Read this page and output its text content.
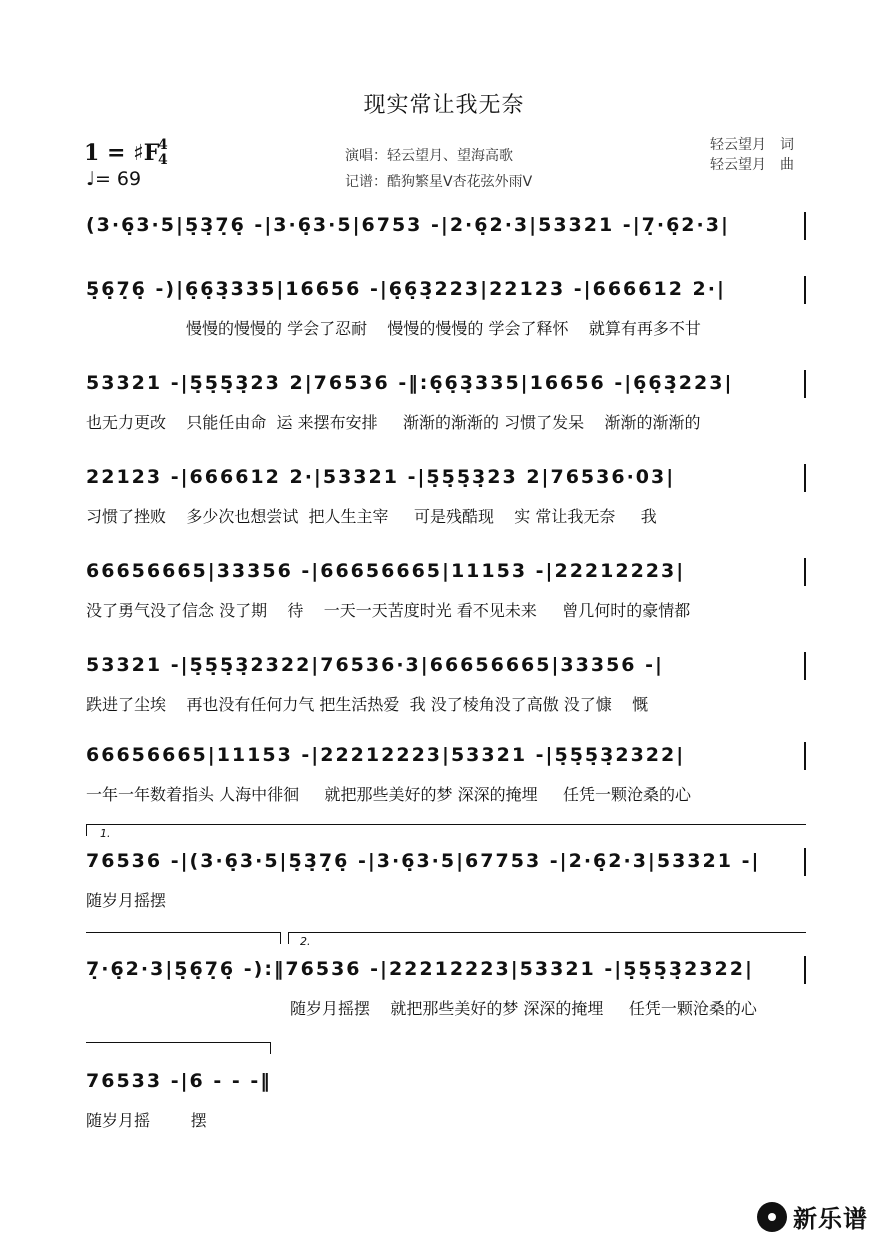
现实常让我无奈
1 = ♯F
4
4
♩= 69
演唱：轻云望月、望海高歌
记谱：酷狗繁星V杏花弦外雨V
轻云望月　词
轻云望月　曲
(3·6̣3·5|5̣3̣7̣6̣ -|3·6̣3·5|6753 -|2·6̣2·3|53321 -|7̣·6̣2·3|
5̣6̣7̣6̣ -)|6̣6̣3̣335|16656 -|6̣6̣3̣223|22123 -|666612 2·|
慢慢的慢慢的 学会了忍耐    慢慢的慢慢的 学会了释怀    就算有再多不甘
53321 -|5̣5̣5̣3̣23 2|76536 -‖:6̣6̣3̣335|16656 -|6̣6̣3̣223|
也无力更改    只能任由命  运 来摆布安排     渐渐的渐渐的 习惯了发呆    渐渐的渐渐的
22123 -|666612 2·|53321 -|5̣5̣5̣3̣23 2|76536·03|
习惯了挫败    多少次也想尝试  把人生主宰     可是残酷现    实 常让我无奈     我
66656665|33356 -|66656665|11153 -|22212223|
没了勇气没了信念 没了期    待    一天一天苦度时光 看不见未来     曾几何时的豪情都
53321 -|5̣5̣5̣3̣2322|76536·3|66656665|33356 -|
跌进了尘埃    再也没有任何力气 把生活热爱  我 没了棱角没了高傲 没了慷    慨
66656665|11153 -|22212223|53321 -|5̣5̣5̣3̣2322|
一年一年数着指头 人海中徘徊     就把那些美好的梦 深深的掩埋     任凭一颗沧桑的心
1.
76536 -|(3·6̣3·5|5̣3̣7̣6̣ -|3·6̣3·5|67753 -|2·6̣2·3|53321 -|
随岁月摇摆
2.
7̣·6̣2·3|5̣6̣7̣6̣ -):‖76536 -|22212223|53321 -|5̣5̣5̣3̣2322|
随岁月摇摆    就把那些美好的梦 深深的掩埋     任凭一颗沧桑的心
76533 -|6 - - -‖
随岁月摇        摆
新乐谱
